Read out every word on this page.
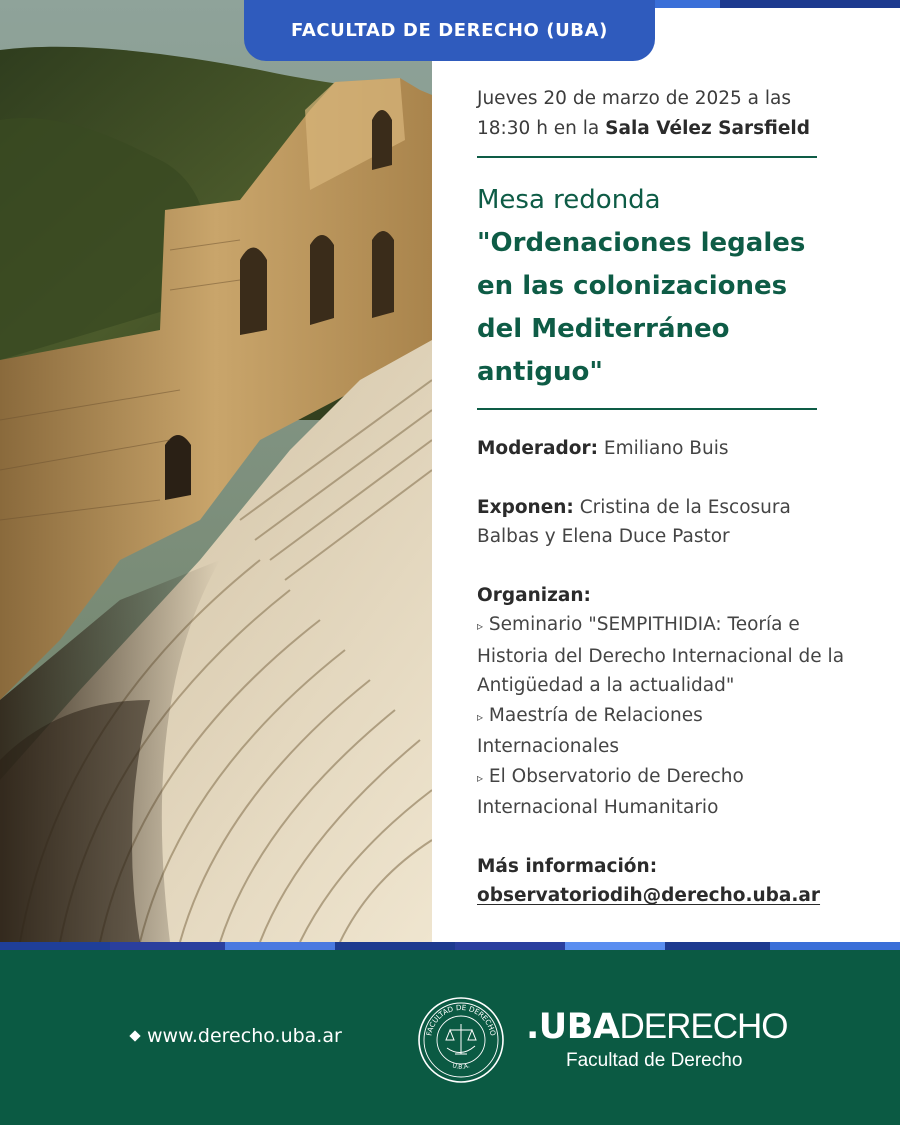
FACULTAD DE DERECHO (UBA)
Jueves 20 de marzo de 2025 a las
18:30 h en la Sala Vélez Sarsfield
Mesa redonda
"Ordenaciones legales en las colonizaciones del Mediterráneo antiguo"
Moderador: Emiliano Buis
Exponen: Cristina de la Escosura Balbas y Elena Duce Pastor
Organizan:
▹ Seminario "SEMPITHIDIA: Teoría e Historia del Derecho Internacional de la Antigüedad a la actualidad"
▹ Maestría de Relaciones Internacionales
▹ El Observatorio de Derecho Internacional Humanitario
Más información:
observatoriodih@derecho.uba.ar
www.derecho.uba.ar	FACULTAD DE DERECHO
U.B.A.
.UBADERECHO
Facultad de Derecho
